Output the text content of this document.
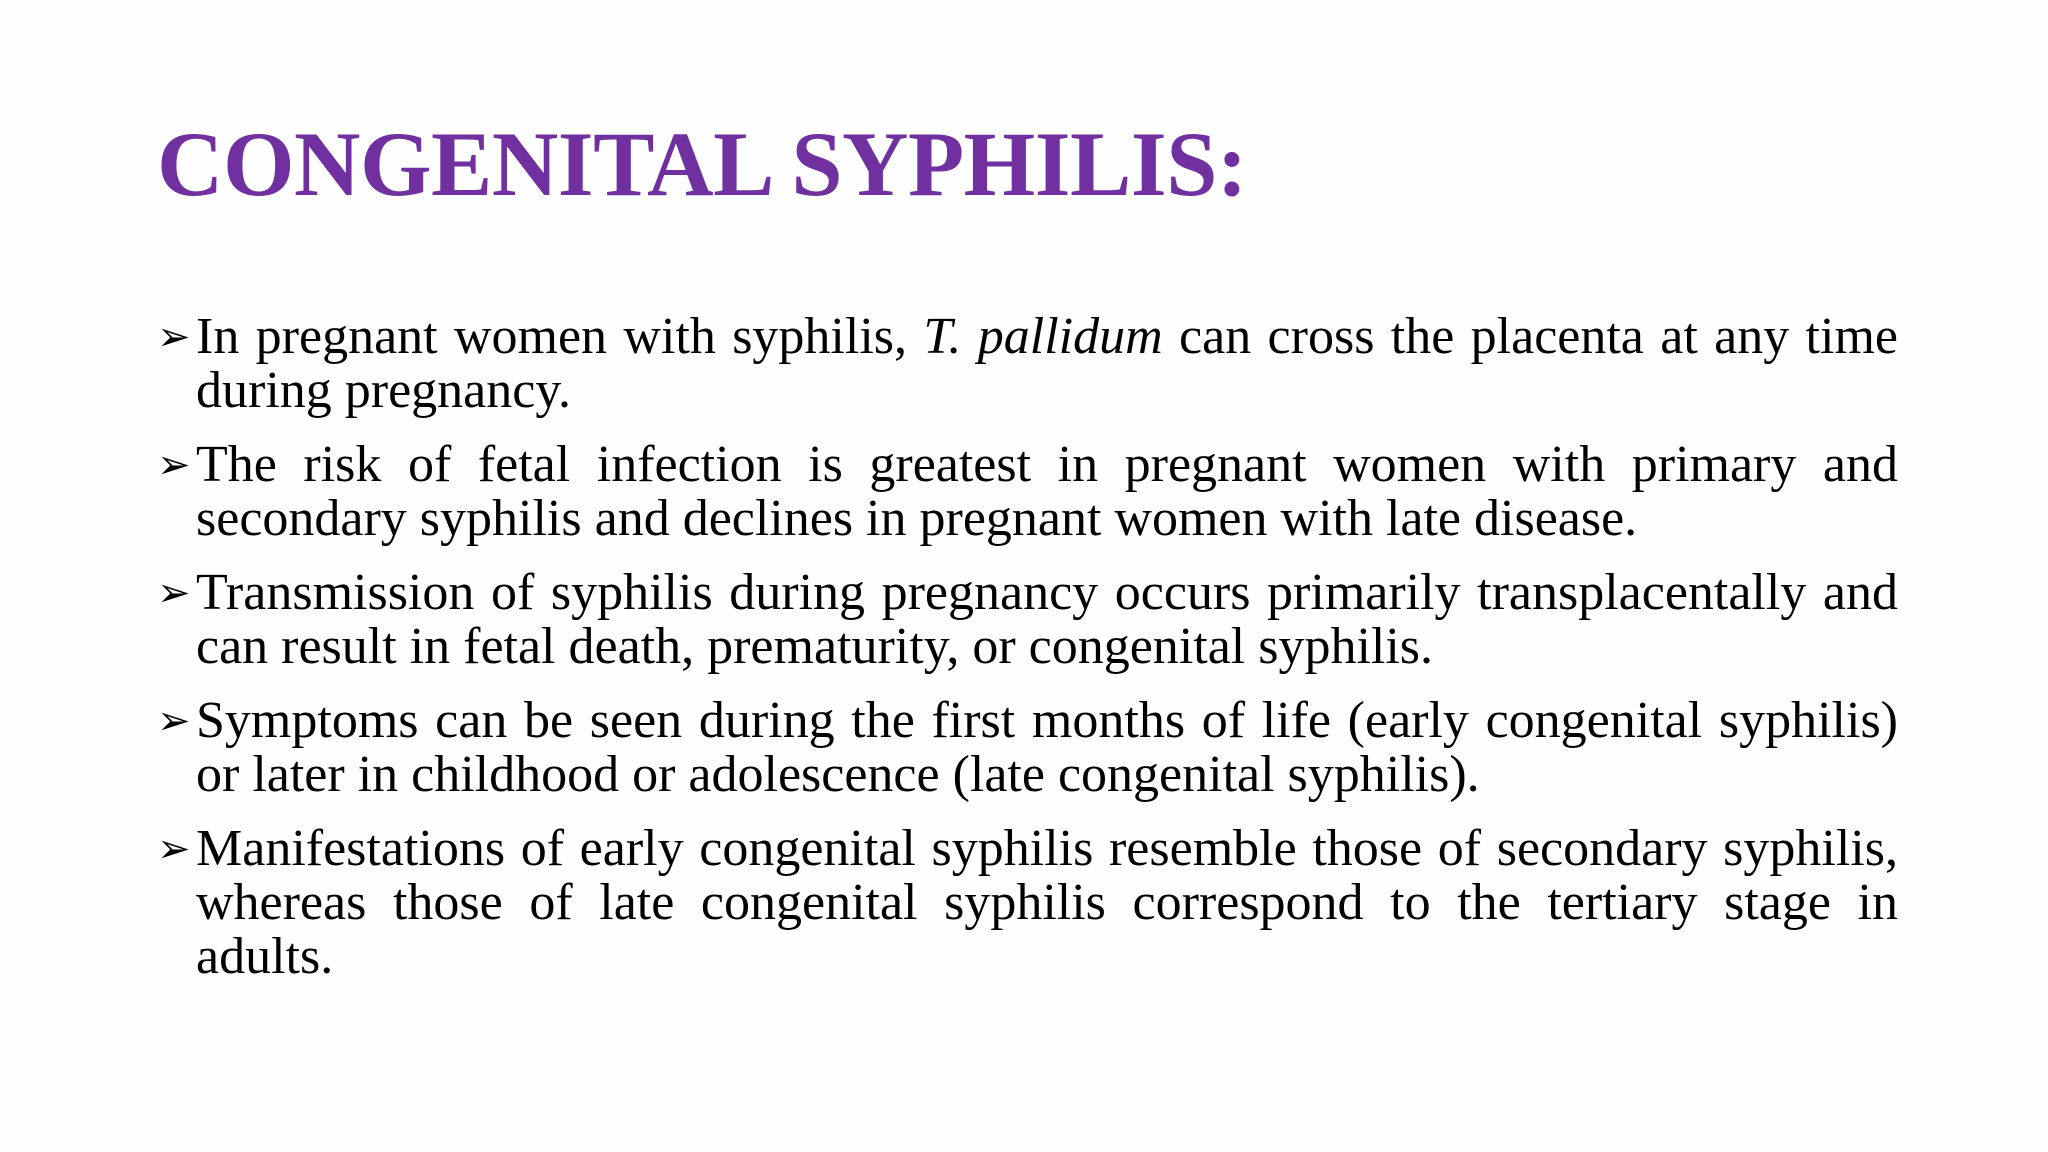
CONGENITAL SYPHILIS:
➢ In pregnant women with syphilis, T. pallidum can cross the placenta at any time during pregnancy.
➢ The risk of fetal infection is greatest in pregnant women with primary and secondary syphilis and declines in pregnant women with late disease.
➢ Transmission of syphilis during pregnancy occurs primarily transplacentally and can result in fetal death, prematurity, or congenital syphilis.
➢ Symptoms can be seen during the first months of life (early congenital syphilis) or later in childhood or adolescence (late congenital syphilis).
➢ Manifestations of early congenital syphilis resemble those of secondary syphilis, whereas those of late congenital syphilis correspond to the tertiary stage in adults.
